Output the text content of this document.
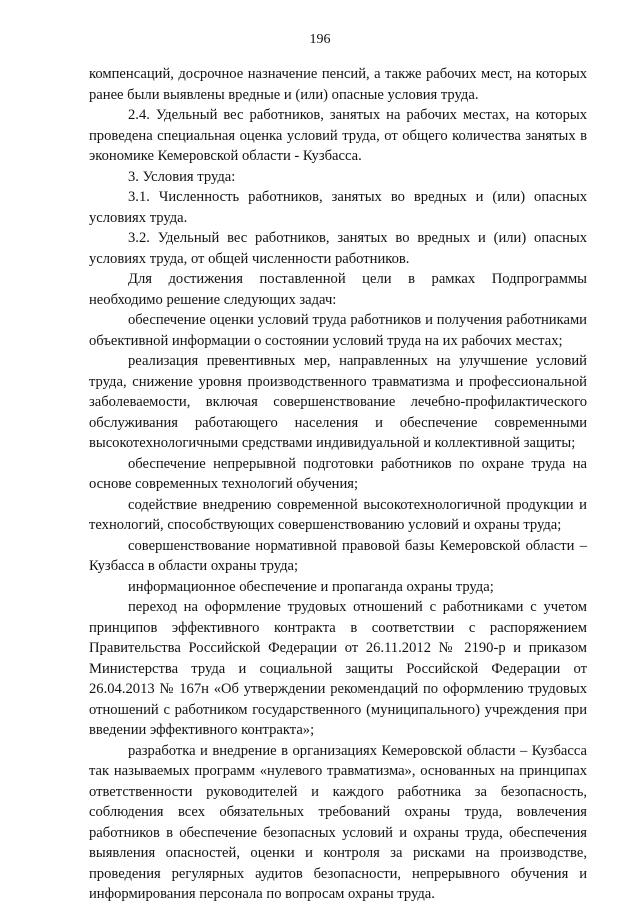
196

компенсаций, досрочное назначение пенсий, а также рабочих мест, на которых ранее были выявлены вредные и (или) опасные условия труда.

2.4. Удельный вес работников, занятых на рабочих местах, на которых проведена специальная оценка условий труда, от общего количества занятых в экономике Кемеровской области - Кузбасса.

3. Условия труда:

3.1. Численность работников, занятых во вредных и (или) опасных условиях труда.

3.2. Удельный вес работников, занятых во вредных и (или) опасных условиях труда, от общей численности работников.

Для достижения поставленной цели в рамках Подпрограммы необходимо решение следующих задач:

обеспечение оценки условий труда работников и получения работниками объективной информации о состоянии условий труда на их рабочих местах;

реализация превентивных мер, направленных на улучшение условий труда, снижение уровня производственного травматизма и профессиональной заболеваемости, включая совершенствование лечебно-профилактического обслуживания работающего населения и обеспечение современными высокотехнологичными средствами индивидуальной и коллективной защиты;

обеспечение непрерывной подготовки работников по охране труда на основе современных технологий обучения;

содействие внедрению современной высокотехнологичной продукции и технологий, способствующих совершенствованию условий и охраны труда;

совершенствование нормативной правовой базы Кемеровской области – Кузбасса в области охраны труда;

информационное обеспечение и пропаганда охраны труда;

переход на оформление трудовых отношений с работниками с учетом принципов эффективного контракта в соответствии с распоряжением Правительства Российской Федерации от 26.11.2012 № 2190-р и приказом Министерства труда и социальной защиты Российской Федерации от 26.04.2013 № 167н «Об утверждении рекомендаций по оформлению трудовых отношений с работником государственного (муниципального) учреждения при введении эффективного контракта»;

разработка и внедрение в организациях Кемеровской области – Кузбасса так называемых программ «нулевого травматизма», основанных на принципах ответственности руководителей и каждого работника за безопасность, соблюдения всех обязательных требований охраны труда, вовлечения работников в обеспечение безопасных условий и охраны труда, обеспечения выявления опасностей, оценки и контроля за рисками на производстве, проведения регулярных аудитов безопасности, непрерывного обучения и информирования персонала по вопросам охраны труда.
